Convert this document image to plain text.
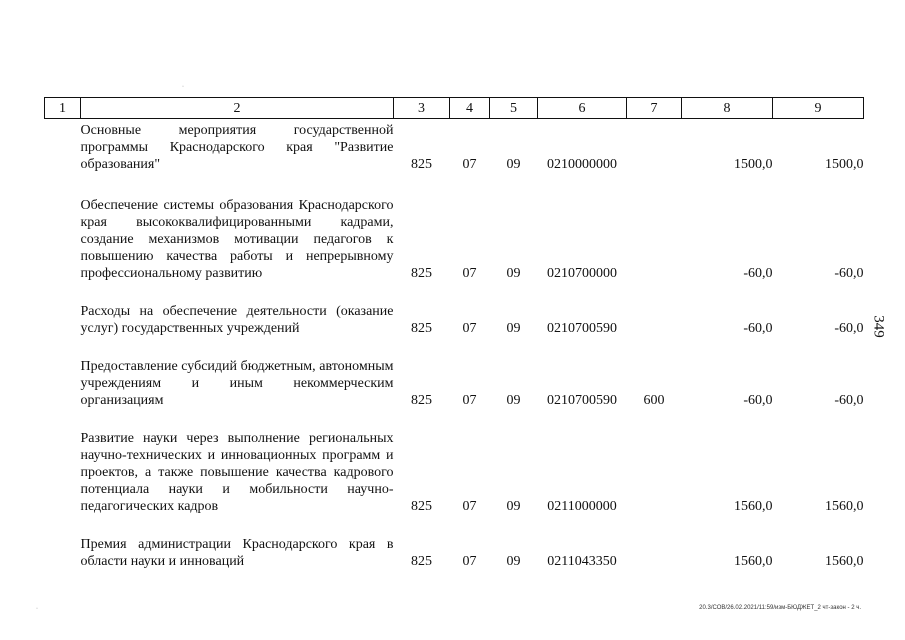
1	2	3	4	5	6	7	8	9
	Основные мероприятия государственной программы Краснодарского края "Развитие образования"	825	07	09	0210000000		1500,0	1500,0

	Обеспечение системы образования Краснодарского края высококвалифицированными кадрами, создание механизмов мотивации педагогов к повышению качества работы и непрерывному профессиональному развитию	825	07	09	0210700000		-60,0	-60,0

	Расходы на обеспечение деятельности (оказание услуг) государственных учреждений	825	07	09	0210700590		-60,0	-60,0

	Предоставление субсидий бюджетным, автономным учреждениям и иным некоммерческим организациям	825	07	09	0210700590	600	-60,0	-60,0

	Развитие науки через выполнение региональных научно-технических и инновационных программ и проектов, а также повышение качества кадрового потенциала науки и мобильности научно-педагогических кадров	825	07	09	0211000000		1560,0	1560,0

	Премия администрации Краснодарского края в области науки и инноваций	825	07	09	0211043350		1560,0	1560,0
349
20.3/СОВ/26.02.2021/11:59/изм-БЮДЖЕТ_2 чт-закон - 2 ч.
·
·
